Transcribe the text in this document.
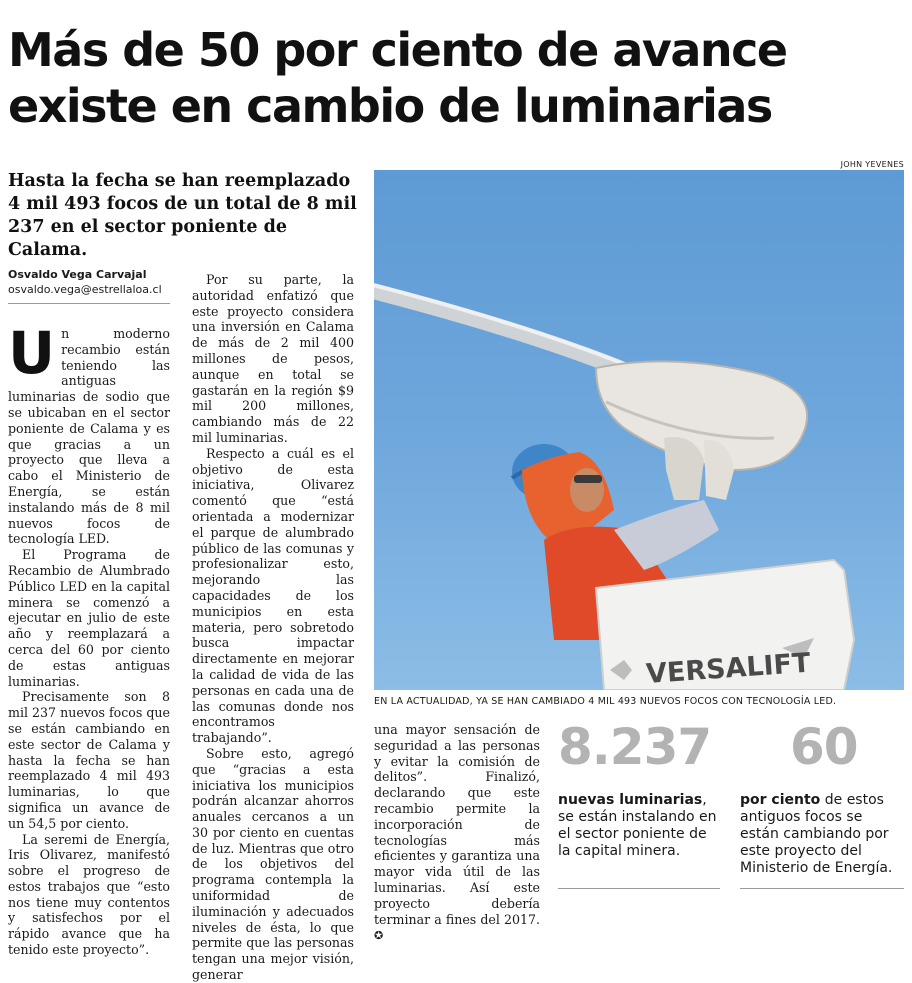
Más de 50 por ciento de avance
existe en cambio de luminarias
Hasta la fecha se han reemplazado 4 mil 493 focos de un total de 8 mil 237 en el sector poniente de Calama.
Osvaldo Vega Carvajal
osvaldo.vega@estrellaloa.cl

Un moderno recambio están teniendo las antiguas luminarias de sodio que se ubicaban en el sector poniente de Calama y es que gracias a un proyecto que lleva a cabo el Ministerio de Energía, se están instalando más de 8 mil nuevos focos de tecnología LED.

El Programa de Recambio de Alumbrado Público LED en la capital minera se comenzó a ejecutar en julio de este año y reemplazará a cerca del 60 por ciento de estas antiguas luminarias.

Precisamente son 8 mil 237 nuevos focos que se están cambiando en este sector de Calama y hasta la fecha se han reemplazado 4 mil 493 luminarias, lo que significa un avance de un 54,5 por ciento.

La seremi de Energía, Iris Olivarez, manifestó sobre el progreso de estos trabajos que “esto nos tiene muy contentos y satisfechos por el rápido avance que ha tenido este proyecto”.

Por su parte, la autoridad enfatizó que este proyecto considera una inversión en Calama de más de 2 mil 400 millones de pesos, aunque en total se gastarán en la región $9 mil 200 millones, cambiando más de 22 mil luminarias.

Respecto a cuál es el objetivo de esta iniciativa, Olivarez comentó que “está orientada a modernizar el parque de alumbrado público de las comunas y profesionalizar esto, mejorando las capacidades de los municipios en esta materia, pero sobretodo busca impactar directamente en mejorar la calidad de vida de las personas en cada una de las comunas donde nos encontramos trabajando”.

Sobre esto, agregó que “gracias a esta iniciativa los municipios podrán alcanzar ahorros anuales cercanos a un 30 por ciento en cuentas de luz. Mientras que otro de los objetivos del programa contempla la uniformidad de iluminación y adecuados niveles de ésta, lo que permite que las personas tengan una mejor visión, generar

JOHN YEVENES
VERSALIFT
EN LA ACTUALIDAD, YA SE HAN CAMBIADO 4 MIL 493 NUEVOS FOCOS CON TECNOLOGÍA LED.

una mayor sensación de seguridad a las personas y evitar la comisión de delitos”. Finalizó, declarando que este recambio permite la incorporación de tecnologías más eficientes y garantiza una mayor vida útil de las luminarias. Así este proyecto debería terminar a fines del 2017. ✪

8.237
nuevas luminarias, se están instalando en el sector poniente de la capital minera.
60
por ciento de estos antiguos focos se están cambiando por este proyecto del Ministerio de Energía.
